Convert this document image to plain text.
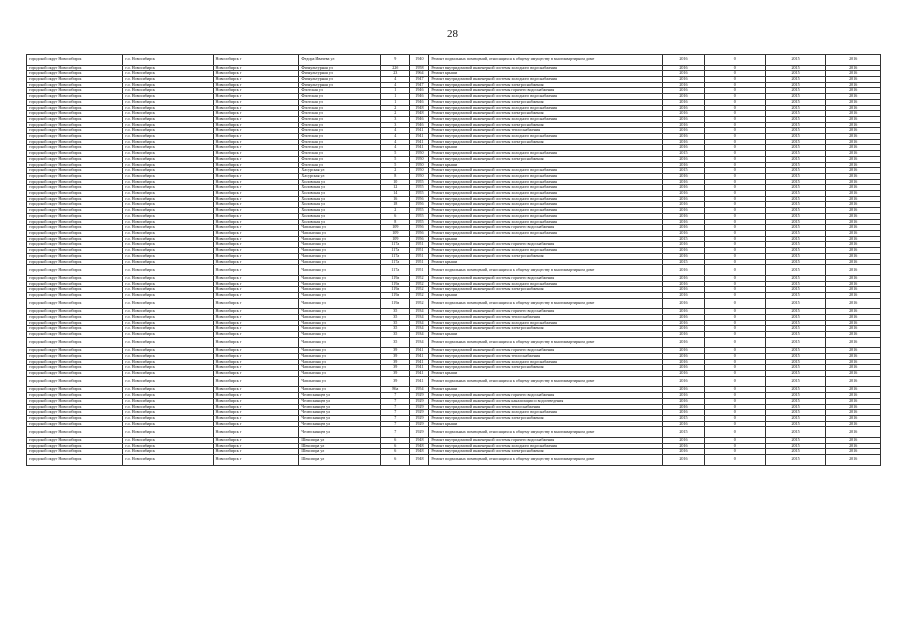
28
городской округ Новосибирск	г.о. Новосибирск	Новосибирск г	Федора Ивачева ул	9	1940	Ремонт подвальных помещений, относящихся к общему имуществу в многоквартирном доме	2016	0	2015	2016
городской округ Новосибирск	г.о. Новосибирск	Новосибирск г	Физкультурная ул	22б	1958	Ремонт внутридомовой инженерной системы холодного водоснабжения	2016	0	2015	2016
городской округ Новосибирск	г.о. Новосибирск	Новосибирск г	Физкультурная ул	23	1964	Ремонт крыши	2016	0	2015	2016
городской округ Новосибирск	г.о. Новосибирск	Новосибирск г	Физкультурная ул	4	1947	Ремонт внутридомовой инженерной системы холодного водоснабжения	2016	0	2015	2016
городской округ Новосибирск	г.о. Новосибирск	Новосибирск г	Физкультурная ул	4	1947	Ремонт внутридомовой инженерной системы электроснабжения	2016	0	2015	2016
городской округ Новосибирск	г.о. Новосибирск	Новосибирск г	Флотская ул	1	1946	Ремонт внутридомовой инженерной системы горячего водоснабжения	2016	0	2015	2016
городской округ Новосибирск	г.о. Новосибирск	Новосибирск г	Флотская ул	1	1946	Ремонт внутридомовой инженерной системы холодного водоснабжения	2016	0	2015	2016
городской округ Новосибирск	г.о. Новосибирск	Новосибирск г	Флотская ул	1	1946	Ремонт внутридомовой инженерной системы электроснабжения	2016	0	2015	2016
городской округ Новосибирск	г.о. Новосибирск	Новосибирск г	Флотская ул	2	1948	Ремонт внутридомовой инженерной системы холодного водоснабжения	2016	0	2015	2016
городской округ Новосибирск	г.о. Новосибирск	Новосибирск г	Флотская ул	2	1948	Ремонт внутридомовой инженерной системы электроснабжения	2016	0	2015	2016
городской округ Новосибирск	г.о. Новосибирск	Новосибирск г	Флотская ул	3	1946	Ремонт внутридомовой инженерной системы холодного водоснабжения	2016	0	2015	2016
городской округ Новосибирск	г.о. Новосибирск	Новосибирск г	Флотская ул	3	1946	Ремонт внутридомовой инженерной системы электроснабжения	2016	0	2015	2016
городской округ Новосибирск	г.о. Новосибирск	Новосибирск г	Флотская ул	4	1941	Ремонт внутридомовой инженерной системы теплоснабжения	2016	0	2015	2016
городской округ Новосибирск	г.о. Новосибирск	Новосибирск г	Флотская ул	4	1941	Ремонт внутридомовой инженерной системы холодного водоснабжения	2016	0	2015	2016
городской округ Новосибирск	г.о. Новосибирск	Новосибирск г	Флотская ул	4	1941	Ремонт внутридомовой инженерной системы электроснабжения	2016	0	2015	2016
городской округ Новосибирск	г.о. Новосибирск	Новосибирск г	Флотская ул	4	1941	Ремонт крыши	2016	0	2015	2016
городской округ Новосибирск	г.о. Новосибирск	Новосибирск г	Флотская ул	5	1950	Ремонт внутридомовой инженерной системы холодного водоснабжения	2015	0	2015	2016
городской округ Новосибирск	г.о. Новосибирск	Новосибирск г	Флотская ул	5	1950	Ремонт внутридомовой инженерной системы электроснабжения	2016	0	2015	2016
городской округ Новосибирск	г.о. Новосибирск	Новосибирск г	Флотская ул	5	1950	Ремонт крыши	2016	0	2015	2016
городской округ Новосибирск	г.о. Новосибирск	Новосибирск г	Хасурская ул	2	1950	Ремонт внутридомовой инженерной системы холодного водоснабжения	2015	0	2015	2016
городской округ Новосибирск	г.о. Новосибирск	Новосибирск г	Хасурская ул	8	1950	Ремонт внутридомовой инженерной системы холодного водоснабжения	2016	0	2015	2016
городской округ Новосибирск	г.о. Новосибирск	Новосибирск г	Хиловская ул	10	1955	Ремонт внутридомовой инженерной системы холодного водоснабжения	2016	0	2015	2016
городской округ Новосибирск	г.о. Новосибирск	Новосибирск г	Хиловская ул	12	1955	Ремонт внутридомовой инженерной системы холодного водоснабжения	2016	0	2015	2016
городской округ Новосибирск	г.о. Новосибирск	Новосибирск г	Хиловская ул	14	1955	Ремонт внутридомовой инженерной системы холодного водоснабжения	2016	0	2015	2016
городской округ Новосибирск	г.о. Новосибирск	Новосибирск г	Хиловская ул	16	1956	Ремонт внутридомовой инженерной системы холодного водоснабжения	2016	0	2015	2016
городской округ Новосибирск	г.о. Новосибирск	Новосибирск г	Хиловская ул	18	1956	Ремонт внутридомовой инженерной системы холодного водоснабжения	2016	0	2015	2016
городской округ Новосибирск	г.о. Новосибирск	Новосибирск г	Хиловская ул	2	1955	Ремонт внутридомовой инженерной системы холодного водоснабжения	2016	0	2015	2016
городской округ Новосибирск	г.о. Новосибирск	Новосибирск г	Хиловская ул	6	1955	Ремонт внутридомовой инженерной системы холодного водоснабжения	2016	0	2015	2016
городской округ Новосибирск	г.о. Новосибирск	Новосибирск г	Хиловская ул	8	1955	Ремонт внутридомовой инженерной системы холодного водоснабжения	2016	0	2015	2016
городской округ Новосибирск	г.о. Новосибирск	Новосибирск г	Чаплыгина ул	109	1956	Ремонт внутридомовой инженерной системы горячего водоснабжения	2016	0	2015	2016
городской округ Новосибирск	г.о. Новосибирск	Новосибирск г	Чаплыгина ул	109	1956	Ремонт внутридомовой инженерной системы холодного водоснабжения	2016	0	2015	2016
городской округ Новосибирск	г.о. Новосибирск	Новосибирск г	Чаплыгина ул	109	1956	Ремонт крыши	2015	0	2015	2016
городской округ Новосибирск	г.о. Новосибирск	Новосибирск г	Чаплыгина ул	117а	1951	Ремонт внутридомовой инженерной системы горячего водоснабжения	2016	0	2015	2016
городской округ Новосибирск	г.о. Новосибирск	Новосибирск г	Чаплыгина ул	117а	1951	Ремонт внутридомовой инженерной системы холодного водоснабжения	2016	0	2015	2016
городской округ Новосибирск	г.о. Новосибирск	Новосибирск г	Чаплыгина ул	117а	1951	Ремонт внутридомовой инженерной системы электроснабжения	2016	0	2015	2016
городской округ Новосибирск	г.о. Новосибирск	Новосибирск г	Чаплыгина ул	117а	1951	Ремонт крыши	2015	0	2015	2016
городской округ Новосибирск	г.о. Новосибирск	Новосибирск г	Чаплыгина ул	117а	1951	Ремонт подвальных помещений, относящихся к общему имуществу в многоквартирном доме	2016	0	2015	2016
городской округ Новосибирск	г.о. Новосибирск	Новосибирск г	Чаплыгина ул	119а	1952	Ремонт внутридомовой инженерной системы горячего водоснабжения	2016	0	2015	2016
городской округ Новосибирск	г.о. Новосибирск	Новосибирск г	Чаплыгина ул	119а	1952	Ремонт внутридомовой инженерной системы холодного водоснабжения	2016	0	2015	2016
городской округ Новосибирск	г.о. Новосибирск	Новосибирск г	Чаплыгина ул	119а	1952	Ремонт внутридомовой инженерной системы электроснабжения	2016	0	2015	2016
городской округ Новосибирск	г.о. Новосибирск	Новосибирск г	Чаплыгина ул	119а	1952	Ремонт крыши	2016	0	2015	2016
городской округ Новосибирск	г.о. Новосибирск	Новосибирск г	Чаплыгина ул	119а	1952	Ремонт подвальных помещений, относящихся к общему имуществу в многоквартирном доме	2016	0	2015	2016
городской округ Новосибирск	г.о. Новосибирск	Новосибирск г	Чаплыгина ул	35	1934	Ремонт внутридомовой инженерной системы горячего водоснабжения	2016	0	2015	2016
городской округ Новосибирск	г.о. Новосибирск	Новосибирск г	Чаплыгина ул	35	1934	Ремонт внутридомовой инженерной системы теплоснабжения	2016	0	2015	2016
городской округ Новосибирск	г.о. Новосибирск	Новосибирск г	Чаплыгина ул	35	1934	Ремонт внутридомовой инженерной системы холодного водоснабжения	2016	0	2015	2016
городской округ Новосибирск	г.о. Новосибирск	Новосибирск г	Чаплыгина ул	35	1934	Ремонт внутридомовой инженерной системы электроснабжения	2016	0	2015	2016
городской округ Новосибирск	г.о. Новосибирск	Новосибирск г	Чаплыгина ул	35	1934	Ремонт крыши	2016	0	2015	2016
городской округ Новосибирск	г.о. Новосибирск	Новосибирск г	Чаплыгина ул	35	1934	Ремонт подвальных помещений, относящихся к общему имуществу в многоквартирном доме	2016	0	2015	2016
городской округ Новосибирск	г.о. Новосибирск	Новосибирск г	Чаплыгина ул	39	1941	Ремонт внутридомовой инженерной системы горячего водоснабжения	2016	0	2015	2016
городской округ Новосибирск	г.о. Новосибирск	Новосибирск г	Чаплыгина ул	39	1941	Ремонт внутридомовой инженерной системы теплоснабжения	2016	0	2015	2016
городской округ Новосибирск	г.о. Новосибирск	Новосибирск г	Чаплыгина ул	39	1941	Ремонт внутридомовой инженерной системы холодного водоснабжения	2016	0	2015	2016
городской округ Новосибирск	г.о. Новосибирск	Новосибирск г	Чаплыгина ул	39	1941	Ремонт внутридомовой инженерной системы электроснабжения	2016	0	2015	2016
городской округ Новосибирск	г.о. Новосибирск	Новосибирск г	Чаплыгина ул	39	1941	Ремонт крыши	2016	0	2015	2016
городской округ Новосибирск	г.о. Новосибирск	Новосибирск г	Чаплыгина ул	39	1941	Ремонт подвальных помещений, относящихся к общему имуществу в многоквартирном доме	2016	0	2015	2016
городской округ Новосибирск	г.о. Новосибирск	Новосибирск г	Чаплыгина ул	86а	1954	Ремонт крыши	2016	0	2015	2016
городской округ Новосибирск	г.о. Новосибирск	Новосибирск г	Челюскинцев ул	7	1929	Ремонт внутридомовой инженерной системы горячего водоснабжения	2016	0	2015	2016
городской округ Новосибирск	г.о. Новосибирск	Новосибирск г	Челюскинцев ул	7	1929	Ремонт внутридомовой инженерной системы канализации и водоотведения	2016	0	2015	2016
городской округ Новосибирск	г.о. Новосибирск	Новосибирск г	Челюскинцев ул	7	1929	Ремонт внутридомовой инженерной системы теплоснабжения	2016	0	2015	2016
городской округ Новосибирск	г.о. Новосибирск	Новосибирск г	Челюскинцев ул	7	1929	Ремонт внутридомовой инженерной системы холодного водоснабжения	2016	0	2015	2016
городской округ Новосибирск	г.о. Новосибирск	Новосибирск г	Челюскинцев ул	7	1929	Ремонт внутридомовой инженерной системы электроснабжения	2015	0	2015	2016
городской округ Новосибирск	г.о. Новосибирск	Новосибирск г	Челюскинцев ул	7	1929	Ремонт крыши	2016	0	2015	2016
городской округ Новосибирск	г.о. Новосибирск	Новосибирск г	Челюскинцев ул	7	1929	Ремонт подвальных помещений, относящихся к общему имуществу в многоквартирном доме	2015	0	2015	2016
городской округ Новосибирск	г.о. Новосибирск	Новосибирск г	Шекспира ул	6	1948	Ремонт внутридомовой инженерной системы горячего водоснабжения	2016	0	2015	2016
городской округ Новосибирск	г.о. Новосибирск	Новосибирск г	Шекспира ул	6	1948	Ремонт внутридомовой инженерной системы холодного водоснабжения	2016	0	2015	2016
городской округ Новосибирск	г.о. Новосибирск	Новосибирск г	Шекспира ул	6	1948	Ремонт внутридомовой инженерной системы электроснабжения	2016	0	2015	2016
городской округ Новосибирск	г.о. Новосибирск	Новосибирск г	Шекспира ул	6	1948	Ремонт подвальных помещений, относящихся к общему имуществу в многоквартирном доме	2016	0	2015	2016
